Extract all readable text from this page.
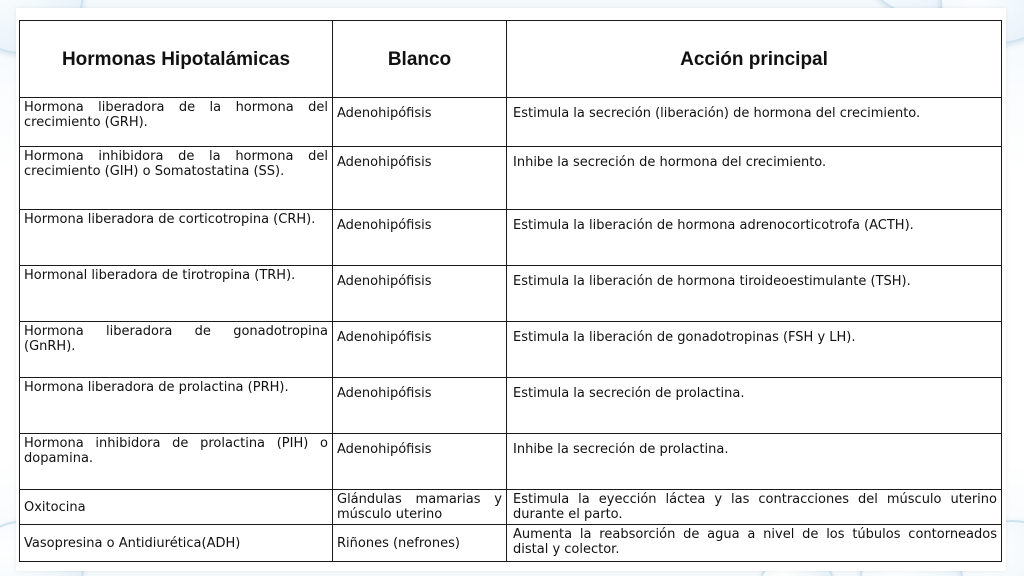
Hormonas Hipotalámicas	Blanco	Acción principal
Hormona liberadora de la hormona del crecimiento (GRH).	Adenohipófisis	Estimula la secreción (liberación) de hormona del crecimiento.
Hormona inhibidora de la hormona del crecimiento (GIH) o Somatostatina (SS).	Adenohipófisis	Inhibe la secreción de hormona del crecimiento.
Hormona liberadora de corticotropina (CRH).	Adenohipófisis	Estimula la liberación de hormona adrenocorticotrofa (ACTH).
Hormonal liberadora de tirotropina (TRH).	Adenohipófisis	Estimula la liberación de hormona tiroideoestimulante (TSH).
Hormona liberadora de gonadotropina (GnRH).	Adenohipófisis	Estimula la liberación de gonadotropinas (FSH y LH).
Hormona liberadora de prolactina (PRH).	Adenohipófisis	Estimula la secreción de prolactina.
Hormona inhibidora de prolactina (PIH) o dopamina.	Adenohipófisis	Inhibe la secreción de prolactina.
Oxitocina	Glándulas mamarias y músculo uterino	Estimula la eyección láctea y las contracciones del músculo uterino durante el parto.
Vasopresina o Antidiurética(ADH)	Riñones (nefrones)	Aumenta la reabsorción de agua a nivel de los túbulos contorneados distal y colector.
